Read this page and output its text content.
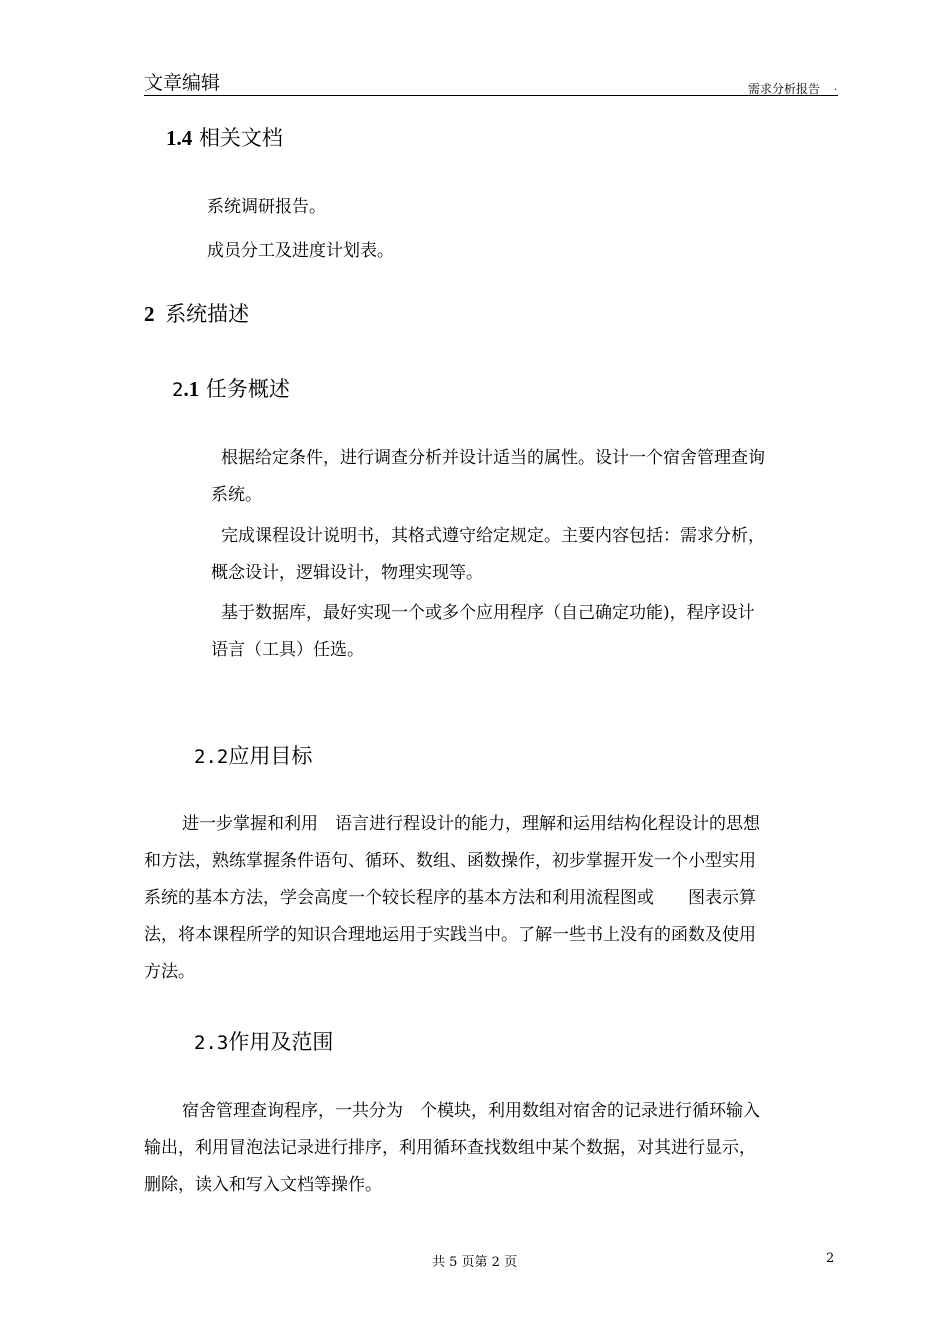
文章编辑	需求分析报告 .
1.4 相关文档
系统调研报告。
成员分工及进度计划表。
2 系统描述
2.1 任务概述
根据给定条件，进行调查分析并设计适当的属性。设计一个宿舍管理查询
系统。
完成课程设计说明书，其格式遵守给定规定。主要内容包括：需求分析，
概念设计，逻辑设计，物理实现等。
基于数据库，最好实现一个或多个应用程序（自己确定功能)，程序设计
语言（工具）任选。
2.2应用目标
进一步掌握和利用　语言进行程设计的能力，理解和运用结构化程设计的思想
和方法，熟练掌握条件语句、循环、数组、函数操作，初步掌握开发一个小型实用
系统的基本方法，学会高度一个较长程序的基本方法和利用流程图或　　图表示算
法，将本课程所学的知识合理地运用于实践当中。了解一些书上没有的函数及使用
方法。
2.3作用及范围
宿舍管理查询程序，一共分为　个模块，利用数组对宿舍的记录进行循环输入
输出，利用冒泡法记录进行排序，利用循环查找数组中某个数据，对其进行显示，
删除，读入和写入文档等操作。
共 5 页第 2 页	2
